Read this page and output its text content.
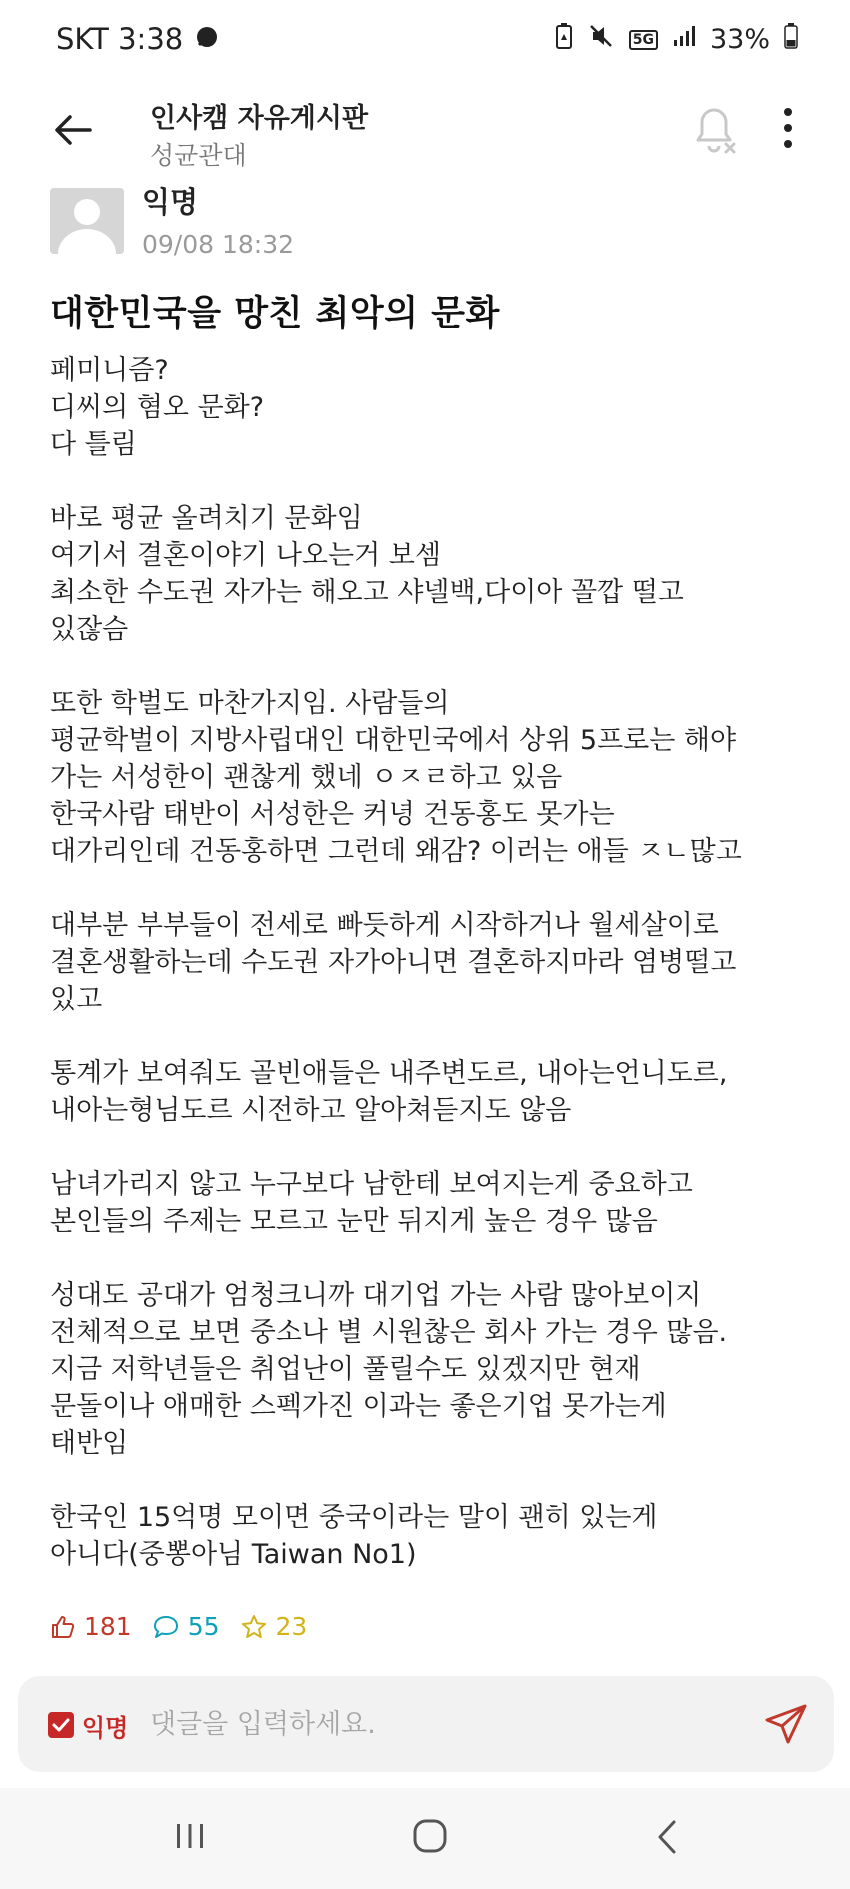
SKT 3:38	5G 33%
인사캠 자유게시판
성균관대
익명
09/08 18:32
대한민국을 망친 최악의 문화
페미니즘?
디씨의 혐오 문화?
다 틀림
바로 평균 올려치기 문화임
여기서 결혼이야기 나오는거 보셈
최소한 수도권 자가는 해오고 샤넬백,다이아 꼴깝 떨고
있잖슴
또한 학벌도 마찬가지임. 사람들의
평균학벌이 지방사립대인 대한민국에서 상위 5프로는 해야
가는 서성한이 괜찮게 했네 ㅇㅈㄹ하고 있음
한국사람 태반이 서성한은 커녕 건동홍도 못가는
대가리인데 건동홍하면 그런데 왜감? 이러는 애들 ㅈㄴ많고
대부분 부부들이 전세로 빠듯하게 시작하거나 월세살이로
결혼생활하는데 수도권 자가아니면 결혼하지마라 염병떨고
있고
통계가 보여줘도 골빈애들은 내주변도르, 내아는언니도르,
내아는형님도르 시전하고 알아쳐듣지도 않음
남녀가리지 않고 누구보다 남한테 보여지는게 중요하고
본인들의 주제는 모르고 눈만 뒤지게 높은 경우 많음
성대도 공대가 엄청크니까 대기업 가는 사람 많아보이지
전체적으로 보면 중소나 별 시원찮은 회사 가는 경우 많음.
지금 저학년들은 취업난이 풀릴수도 있겠지만 현재
문돌이나 애매한 스펙가진 이과는 좋은기업 못가는게
태반임
한국인 15억명 모이면 중국이라는 말이 괜히 있는게
아니다(중뽕아님 Taiwan No1)
181 55 23
익명
댓글을 입력하세요.
